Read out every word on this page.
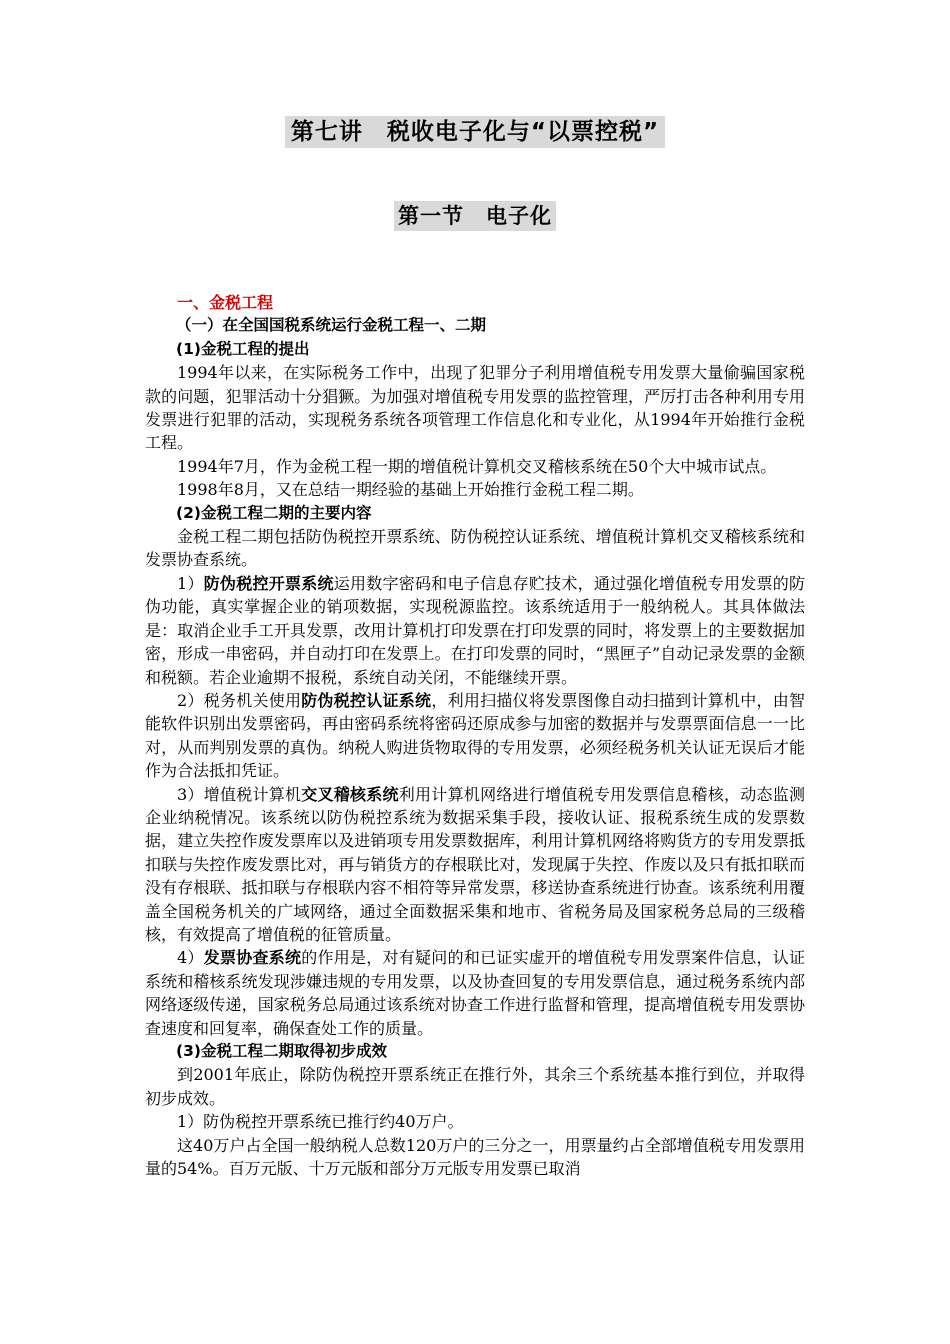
第七讲　税收电子化与“以票控税”
第一节　电子化
一、金税工程
（一）在全国国税系统运行金税工程一、二期
(1)金税工程的提出

1994年以来，在实际税务工作中，出现了犯罪分子利用增值税专用发票大量偷骗国家税款的问题，犯罪活动十分猖獗。为加强对增值税专用发票的监控管理，严厉打击各种利用专用发票进行犯罪的活动，实现税务系统各项管理工作信息化和专业化，从1994年开始推行金税工程。

1994年7月，作为金税工程一期的增值税计算机交叉稽核系统在50个大中城市试点。

1998年8月，又在总结一期经验的基础上开始推行金税工程二期。

(2)金税工程二期的主要内容

金税工程二期包括防伪税控开票系统、防伪税控认证系统、增值税计算机交叉稽核系统和发票协查系统。

1）防伪税控开票系统运用数字密码和电子信息存贮技术，通过强化增值税专用发票的防伪功能，真实掌握企业的销项数据，实现税源监控。该系统适用于一般纳税人。其具体做法是：取消企业手工开具发票，改用计算机打印发票在打印发票的同时，将发票上的主要数据加密，形成一串密码，并自动打印在发票上。在打印发票的同时，“黑匣子”自动记录发票的金额和税额。若企业逾期不报税，系统自动关闭，不能继续开票。

2）税务机关使用防伪税控认证系统，利用扫描仪将发票图像自动扫描到计算机中，由智能软件识别出发票密码，再由密码系统将密码还原成参与加密的数据并与发票票面信息一一比对，从而判别发票的真伪。纳税人购进货物取得的专用发票，必须经税务机关认证无误后才能作为合法抵扣凭证。

3）增值税计算机交叉稽核系统利用计算机网络进行增值税专用发票信息稽核，动态监测企业纳税情况。该系统以防伪税控系统为数据采集手段，接收认证、报税系统生成的发票数据，建立失控作废发票库以及进销项专用发票数据库，利用计算机网络将购货方的专用发票抵扣联与失控作废发票比对，再与销货方的存根联比对，发现属于失控、作废以及只有抵扣联而没有存根联、抵扣联与存根联内容不相符等异常发票，移送协查系统进行协查。该系统利用覆盖全国税务机关的广域网络，通过全面数据采集和地市、省税务局及国家税务总局的三级稽核，有效提高了增值税的征管质量。

4）发票协查系统的作用是，对有疑问的和已证实虚开的增值税专用发票案件信息，认证系统和稽核系统发现涉嫌违规的专用发票，以及协查回复的专用发票信息，通过税务系统内部网络逐级传递，国家税务总局通过该系统对协查工作进行监督和管理，提高增值税专用发票协查速度和回复率，确保查处工作的质量。

(3)金税工程二期取得初步成效

到2001年底止，除防伪税控开票系统正在推行外，其余三个系统基本推行到位，并取得初步成效。

1）防伪税控开票系统已推行约40万户。

这40万户占全国一般纳税人总数120万户的三分之一，用票量约占全部增值税专用发票用量的54%。百万元版、十万元版和部分万元版专用发票已取消
